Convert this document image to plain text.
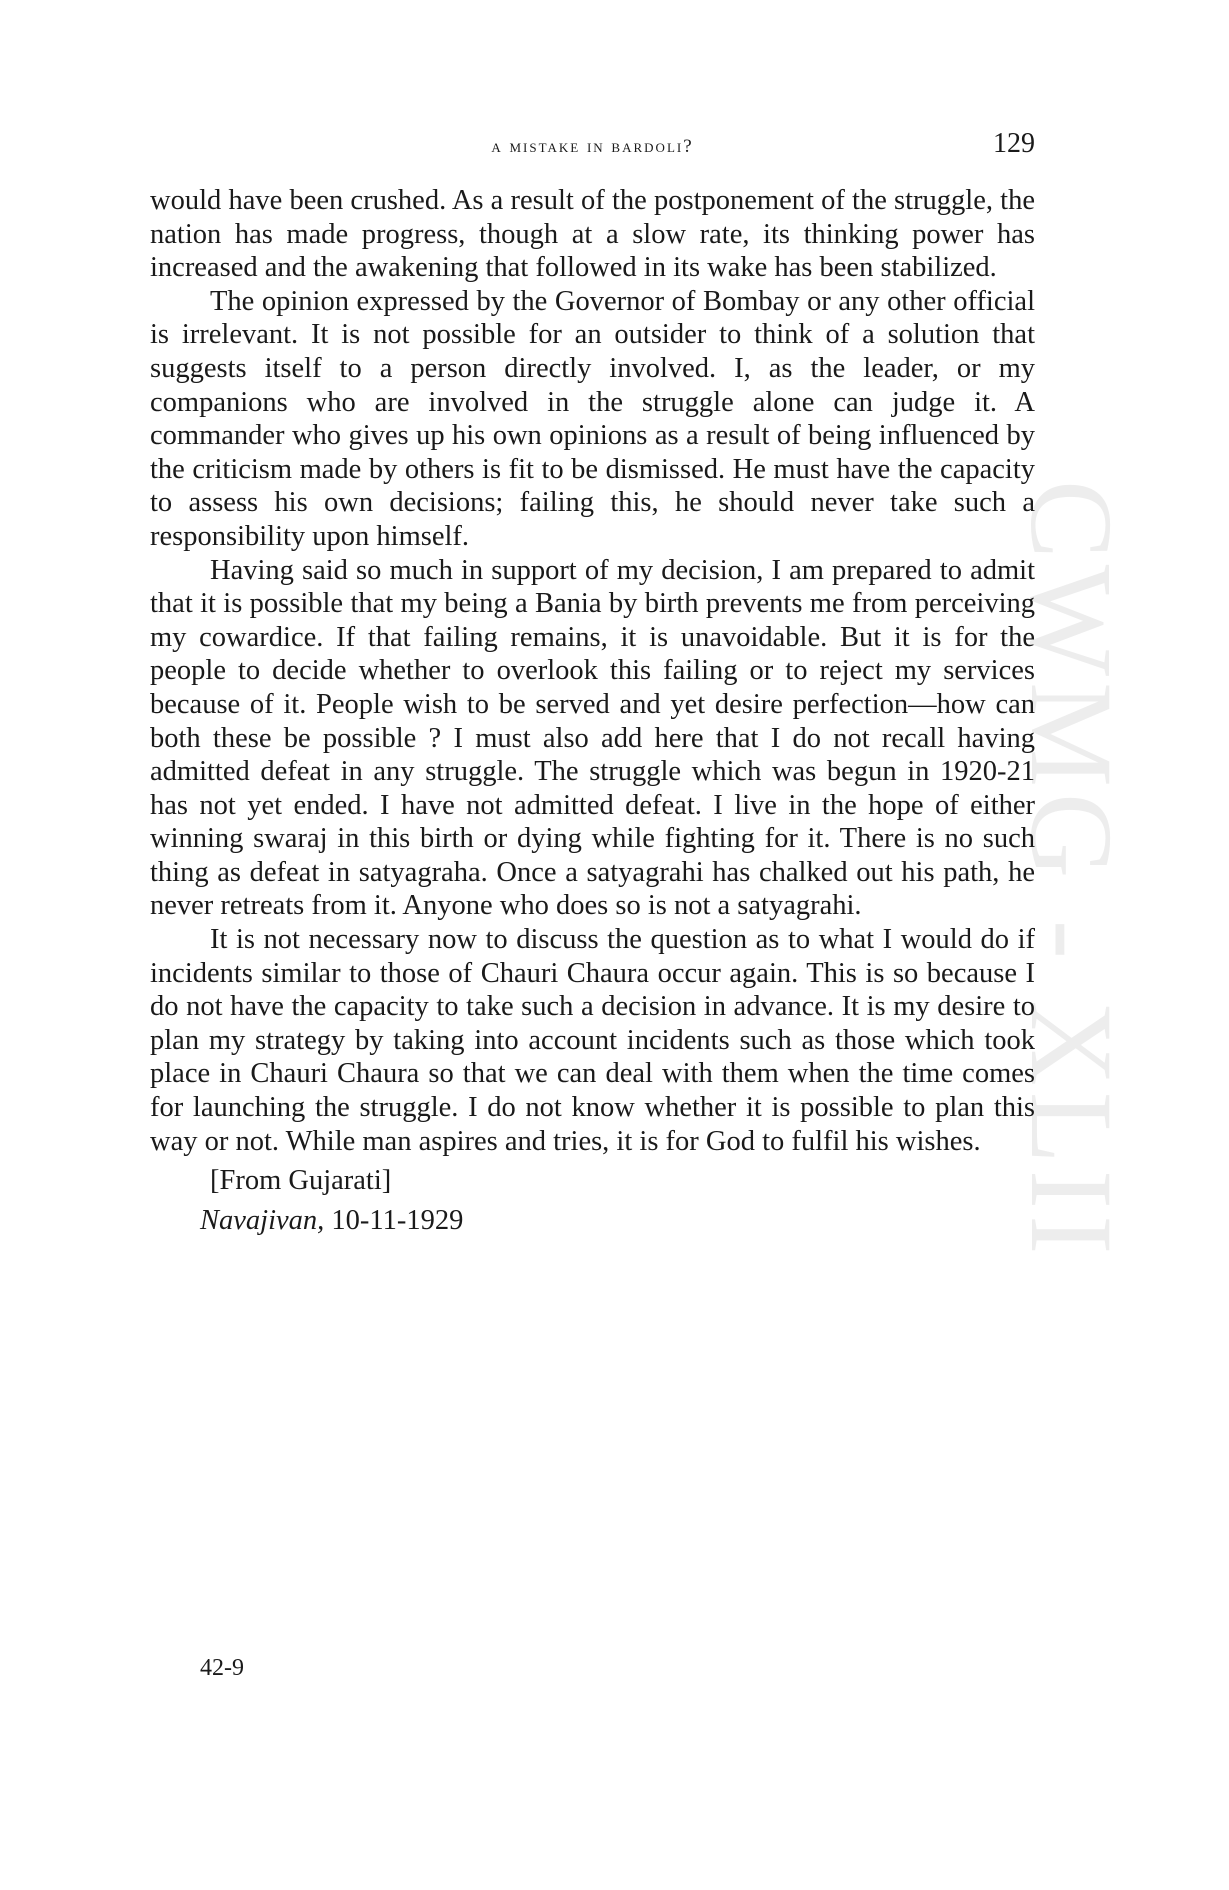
CWMG - XLII
a mistake in bardoli?	129

would have been crushed. As a result of the postponement of the struggle, the nation has made progress, though at a slow rate, its thinking power has increased and the awakening that followed in its wake has been stabilized.

The opinion expressed by the Governor of Bombay or any other official is irrelevant. It is not possible for an outsider to think of a solution that suggests itself to a person directly involved. I, as the leader, or my companions who are involved in the struggle alone can judge it. A commander who gives up his own opinions as a result of being influenced by the criticism made by others is fit to be dismissed. He must have the capacity to assess his own decisions; failing this, he should never take such a responsibility upon himself.

Having said so much in support of my decision, I am prepared to admit that it is possible that my being a Bania by birth prevents me from perceiving my cowardice. If that failing remains, it is unavoidable. But it is for the people to decide whether to overlook this failing or to reject my services because of it. People wish to be served and yet desire perfection—how can both these be possible ? I must also add here that I do not recall having admitted defeat in any struggle. The struggle which was begun in 1920-21 has not yet ended. I have not admitted defeat. I live in the hope of either winning swaraj in this birth or dying while fighting for it. There is no such thing as defeat in satyagraha. Once a satyagrahi has chalked out his path, he never retreats from it. Anyone who does so is not a satyagrahi.

It is not necessary now to discuss the question as to what I would do if incidents similar to those of Chauri Chaura occur again. This is so because I do not have the capacity to take such a decision in advance. It is my desire to plan my strategy by taking into account incidents such as those which took place in Chauri Chaura so that we can deal with them when the time comes for launching the struggle. I do not know whether it is possible to plan this way or not. While man aspires and tries, it is for God to fulfil his wishes.

[From Gujarati]
Navajivan, 10-11-1929
42-9
